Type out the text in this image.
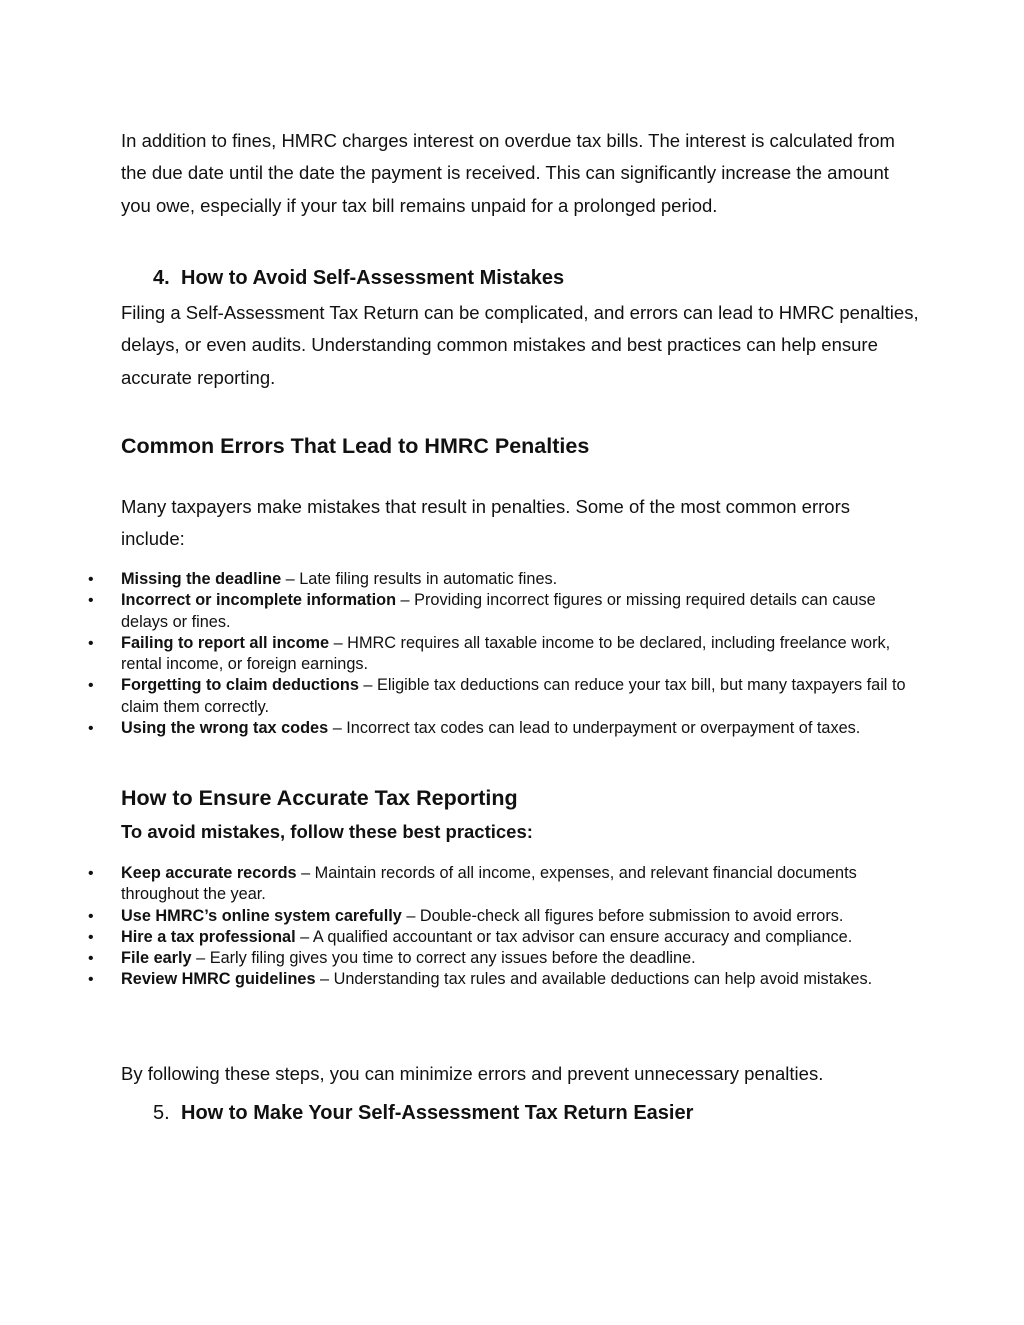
In addition to fines, HMRC charges interest on overdue tax bills. The interest is calculated from the due date until the date the payment is received. This can significantly increase the amount you owe, especially if your tax bill remains unpaid for a prolonged period.

4. How to Avoid Self-Assessment Mistakes

Filing a Self-Assessment Tax Return can be complicated, and errors can lead to HMRC penalties, delays, or even audits. Understanding common mistakes and best practices can help ensure accurate reporting.

Common Errors That Lead to HMRC Penalties

Many taxpayers make mistakes that result in penalties. Some of the most common errors include:

• Missing the deadline – Late filing results in automatic fines.
• Incorrect or incomplete information – Providing incorrect figures or missing required details can cause delays or fines.
• Failing to report all income – HMRC requires all taxable income to be declared, including freelance work, rental income, or foreign earnings.
• Forgetting to claim deductions – Eligible tax deductions can reduce your tax bill, but many taxpayers fail to claim them correctly.
• Using the wrong tax codes – Incorrect tax codes can lead to underpayment or overpayment of taxes.
How to Ensure Accurate Tax Reporting
To avoid mistakes, follow these best practices:
• Keep accurate records – Maintain records of all income, expenses, and relevant financial documents throughout the year.
• Use HMRC’s online system carefully – Double-check all figures before submission to avoid errors.
• Hire a tax professional – A qualified accountant or tax advisor can ensure accuracy and compliance.
• File early – Early filing gives you time to correct any issues before the deadline.
• Review HMRC guidelines – Understanding tax rules and available deductions can help avoid mistakes.

By following these steps, you can minimize errors and prevent unnecessary penalties.

5. How to Make Your Self-Assessment Tax Return Easier
